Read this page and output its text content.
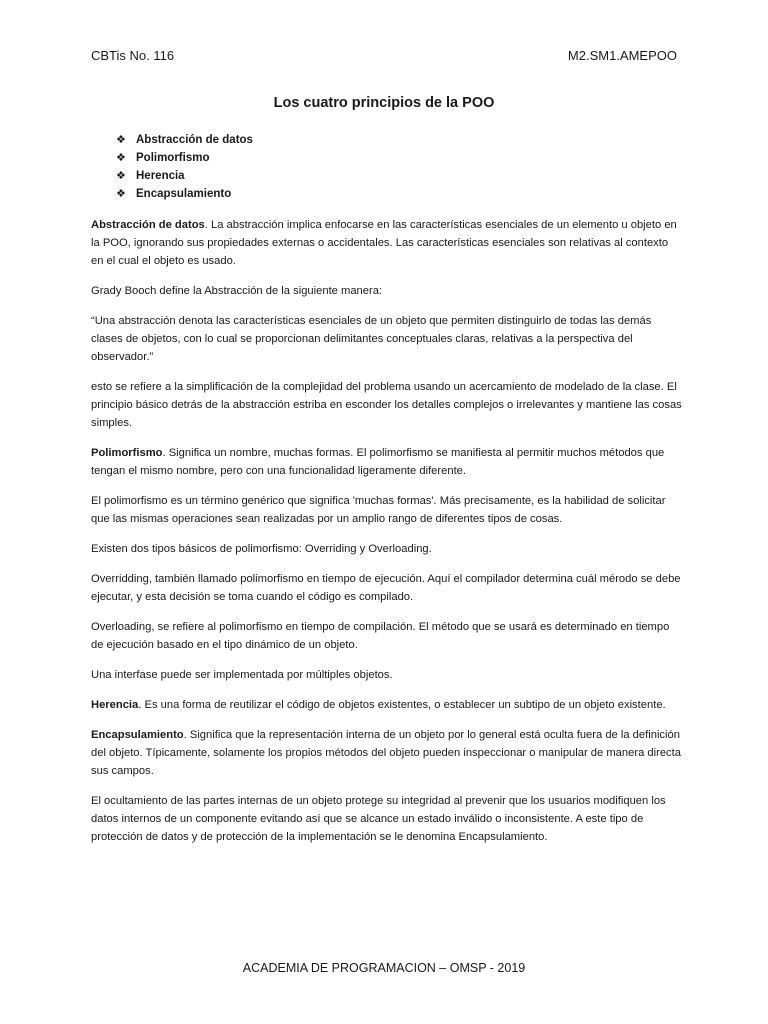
CBTis No. 116	M2.SM1.AMEPOO
Los cuatro principios de la POO
❖ Abstracción de datos
❖ Polimorfismo
❖ Herencia
❖ Encapsulamiento

Abstracción de datos. La abstracción implica enfocarse en las características esenciales de un elemento u objeto en la POO, ignorando sus propiedades externas o accidentales. Las características esenciales son relativas al contexto en el cual el objeto es usado.

Grady Booch define la Abstracción de la siguiente manera:

“Una abstracción denota las características esenciales de un objeto que permiten distinguirlo de todas las demás clases de objetos, con lo cual se proporcionan delimitantes conceptuales claras, relativas a la perspectiva del observador.”

esto se refiere a la simplificación de la complejidad del problema usando un acercamiento de modelado de la clase. El principio básico detrás de la abstracción estriba en esconder los detalles complejos o irrelevantes y mantiene las cosas simples.

Polimorfismo. Significa un nombre, muchas formas. El polimorfismo se manifiesta al permitir muchos métodos que tengan el mismo nombre, pero con una funcionalidad ligeramente diferente.

El polimorfismo es un término genérico que significa 'muchas formas'. Más precisamente, es la habilidad de solicitar que las mismas operaciones sean realizadas por un amplio rango de diferentes tipos de cosas.

Existen dos tipos básicos de polimorfismo: Overriding y Overloading.

Overridding, también llamado polimorfismo en tiempo de ejecución. Aquí el compilador determina cuál mérodo se debe ejecutar, y esta decisión se toma cuando el código es compilado.

Overloading, se refiere al polimorfismo en tiempo de compilación. El método que se usará es determinado en tiempo de ejecución basado en el tipo dinámico de un objeto.

Una interfase puede ser implementada por múltiples objetos.

Herencia. Es una forma de reutilizar el código de objetos existentes, o establecer un subtipo de un objeto existente.

Encapsulamiento. Significa que la representación interna de un objeto por lo general está oculta fuera de la definición del objeto. Típicamente, solamente los propios métodos del objeto pueden inspeccionar o manipular de manera directa sus campos.

El ocultamiento de las partes internas de un objeto protege su integridad al prevenir que los usuarios modifiquen los datos internos de un componente evitando así que se alcance un estado inválido o inconsistente. A este tipo de protección de datos y de protección de la implementación se le denomina Encapsulamiento.

ACADEMIA DE PROGRAMACION – OMSP - 2019
